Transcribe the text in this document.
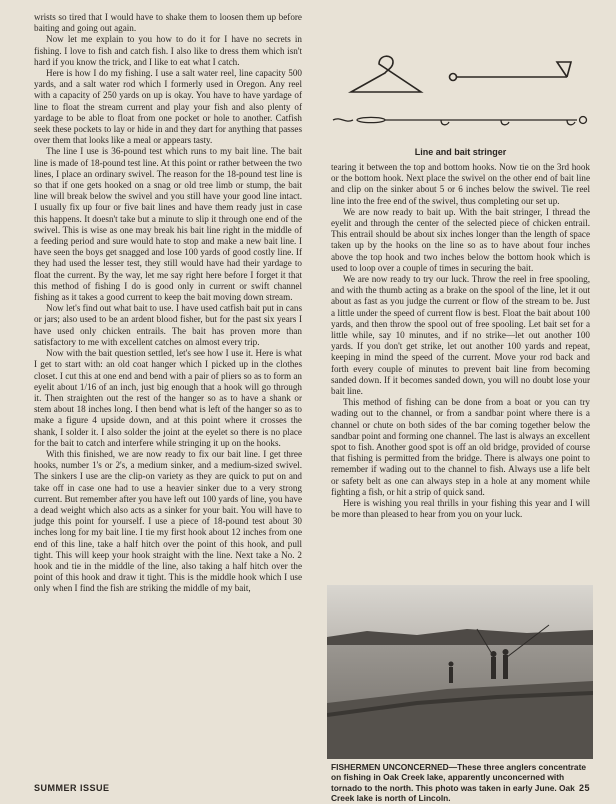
wrists so tired that I would have to shake them to loosen them up before baiting and going out again.

Now let me explain to you how to do it for I have no secrets in fishing. I love to fish and catch fish. I also like to dress them which isn't hard if you know the trick, and I like to eat what I catch.

Here is how I do my fishing. I use a salt water reel, line capacity 500 yards, and a salt water rod which I formerly used in Oregon. Any reel with a capacity of 250 yards on up is okay. You have to have yardage of line to float the stream current and play your fish and also plenty of yardage to be able to float from one pocket or hole to another. Catfish seek these pockets to lay or hide in and they dart for anything that passes over them that looks like a meal or appears tasty.

The line I use is 36-pound test which runs to my bait line. The bait line is made of 18-pound test line. At this point or rather between the two lines, I place an ordinary swivel. The reason for the 18-pound test line is so that if one gets hooked on a snag or old tree limb or stump, the bait line will break below the swivel and you still have your good line intact. I usually fix up four or five bait lines and have them ready just in case this happens. It doesn't take but a minute to slip it through one end of the swivel. This is wise as one may break his bait line right in the middle of a feeding period and sure would hate to stop and make a new bait line. I have seen the boys get snagged and lose 100 yards of good costly line. If they had used the lesser test, they still would have had their yardage to float the current. By the way, let me say right here before I forget it that this method of fishing I do is good only in current or swift channel fishing as it takes a good current to keep the bait moving down stream.

Now let's find out what bait to use. I have used catfish bait put in cans or jars; also used to be an ardent blood fisher, but for the past six years I have used only chicken entrails. The bait has proven more than satisfactory to me with excellent catches on almost every trip.

Now with the bait question settled, let's see how I use it. Here is what I get to start with: an old coat hanger which I picked up in the clothes closet. I cut this at one end and bend with a pair of pliers so as to form an eyelit about 1/16 of an inch, just big enough that a hook will go through it. Then straighten out the rest of the hanger so as to have a shank or stem about 18 inches long. I then bend what is left of the hanger so as to make a figure 4 upside down, and at this point where it crosses the shank, I solder it. I also solder the joint at the eyelet so there is no place for the bait to catch and interfere while stringing it up on the hooks.

With this finished, we are now ready to fix our bait line. I get three hooks, number 1's or 2's, a medium sinker, and a medium-sized swivel. The sinkers I use are the clip-on variety as they are quick to put on and take off in case one had to use a heavier sinker due to a very strong current. But remember after you have left out 100 yards of line, you have a dead weight which also acts as a sinker for your bait. You will have to judge this point for yourself. I use a piece of 18-pound test about 30 inches long for my bait line. I tie my first hook about 12 inches from one end of this line, take a half hitch over the point of this hook, and pull tight. This will keep your hook straight with the line. Next take a No. 2 hook and tie in the middle of the line, also taking a half hitch over the point of this hook and draw it tight. This is the middle hook which I use only when I find the fish are striking the middle of my bait,

Line and bait stringer

tearing it between the top and bottom hooks. Now tie on the 3rd hook or the bottom hook. Next place the swivel on the other end of bait line and clip on the sinker about 5 or 6 inches below the swivel. Tie reel line into the free end of the swivel, thus completing our set up.

We are now ready to bait up. With the bait stringer, I thread the eyelit and through the center of the selected piece of chicken entrail. This entrail should be about six inches longer than the length of space taken up by the hooks on the line so as to have about four inches above the top hook and two inches below the bottom hook which is used to loop over a couple of times in securing the bait.

We are now ready to try our luck. Throw the reel in free spooling, and with the thumb acting as a brake on the spool of the line, let it out about as fast as you judge the current or flow of the stream to be. Just a little under the speed of current flow is best. Float the bait about 100 yards, and then throw the spool out of free spooling. Let bait set for a little while, say 10 minutes, and if no strike—let out another 100 yards. If you don't get strike, let out another 100 yards and repeat, keeping in mind the speed of the current. Move your rod back and forth every couple of minutes to prevent bait line from becoming sanded down. If it becomes sanded down, you will no doubt lose your bait line.

This method of fishing can be done from a boat or you can try wading out to the channel, or from a sandbar point where there is a channel or chute on both sides of the bar coming together below the sandbar point and forming one channel. The last is always an excellent spot to fish. Another good spot is off an old bridge, provided of course that fishing is permitted from the bridge. There is always one point to remember if wading out to the channel to fish. Always use a life belt or safety belt as one can always step in a hole at any moment while fighting a fish, or hit a strip of quick sand.

Here is wishing you real thrills in your fishing this year and I will be more than pleased to hear from you on your luck.

FISHERMEN UNCONCERNED—These three anglers concentrate on fishing in Oak Creek lake, apparently unconcerned with tornado to the north. This photo was taken in early June. Oak Creek lake is north of Lincoln.
SUMMER ISSUE	25
